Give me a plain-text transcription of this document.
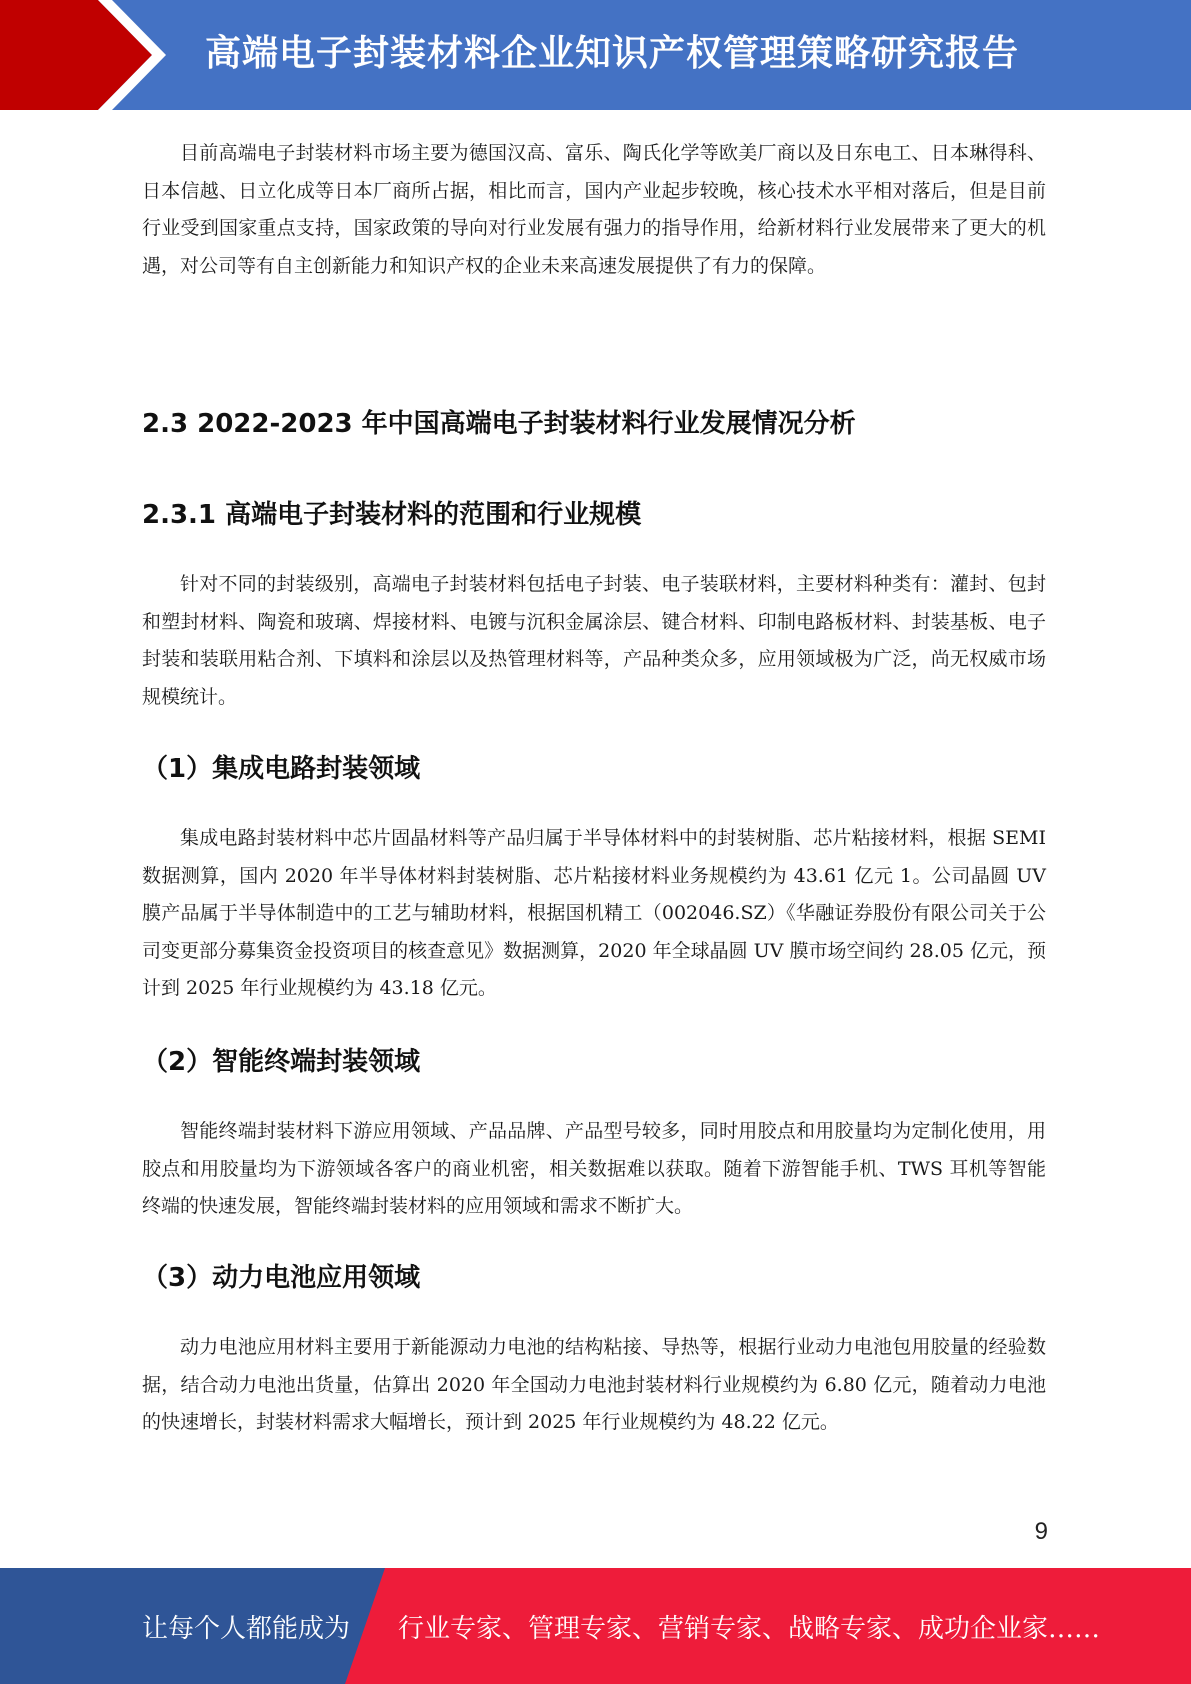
高端电子封装材料企业知识产权管理策略研究报告

目前高端电子封装材料市场主要为德国汉高、富乐、陶氏化学等欧美厂商以及日东电工、日本琳得科、日本信越、日立化成等日本厂商所占据，相比而言，国内产业起步较晚，核心技术水平相对落后，但是目前行业受到国家重点支持，国家政策的导向对行业发展有强力的指导作用，给新材料行业发展带来了更大的机遇，对公司等有自主创新能力和知识产权的企业未来高速发展提供了有力的保障。

2.3 2022-2023 年中国高端电子封装材料行业发展情况分析
2.3.1 高端电子封装材料的范围和行业规模

针对不同的封装级别，高端电子封装材料包括电子封装、电子装联材料，主要材料种类有：灌封、包封和塑封材料、陶瓷和玻璃、焊接材料、电镀与沉积金属涂层、键合材料、印制电路板材料、封装基板、电子封装和装联用粘合剂、下填料和涂层以及热管理材料等，产品种类众多，应用领域极为广泛，尚无权威市场规模统计。

（1）集成电路封装领域

集成电路封装材料中芯片固晶材料等产品归属于半导体材料中的封装树脂、芯片粘接材料，根据 SEMI 数据测算，国内 2020 年半导体材料封装树脂、芯片粘接材料业务规模约为 43.61 亿元 1。公司晶圆 UV 膜产品属于半导体制造中的工艺与辅助材料，根据国机精工（002046.SZ）《华融证券股份有限公司关于公司变更部分募集资金投资项目的核查意见》数据测算，2020 年全球晶圆 UV 膜市场空间约 28.05 亿元，预计到 2025 年行业规模约为 43.18 亿元。

（2）智能终端封装领域

智能终端封装材料下游应用领域、产品品牌、产品型号较多，同时用胶点和用胶量均为定制化使用，用胶点和用胶量均为下游领域各客户的商业机密，相关数据难以获取。随着下游智能手机、TWS 耳机等智能终端的快速发展，智能终端封装材料的应用领域和需求不断扩大。

（3）动力电池应用领域

动力电池应用材料主要用于新能源动力电池的结构粘接、导热等，根据行业动力电池包用胶量的经验数据，结合动力电池出货量，估算出 2020 年全国动力电池封装材料行业规模约为 6.80 亿元，随着动力电池的快速增长，封装材料需求大幅增长，预计到 2025 年行业规模约为 48.22 亿元。

9
让每个人都能成为 行业专家、管理专家、营销专家、战略专家、成功企业家……
